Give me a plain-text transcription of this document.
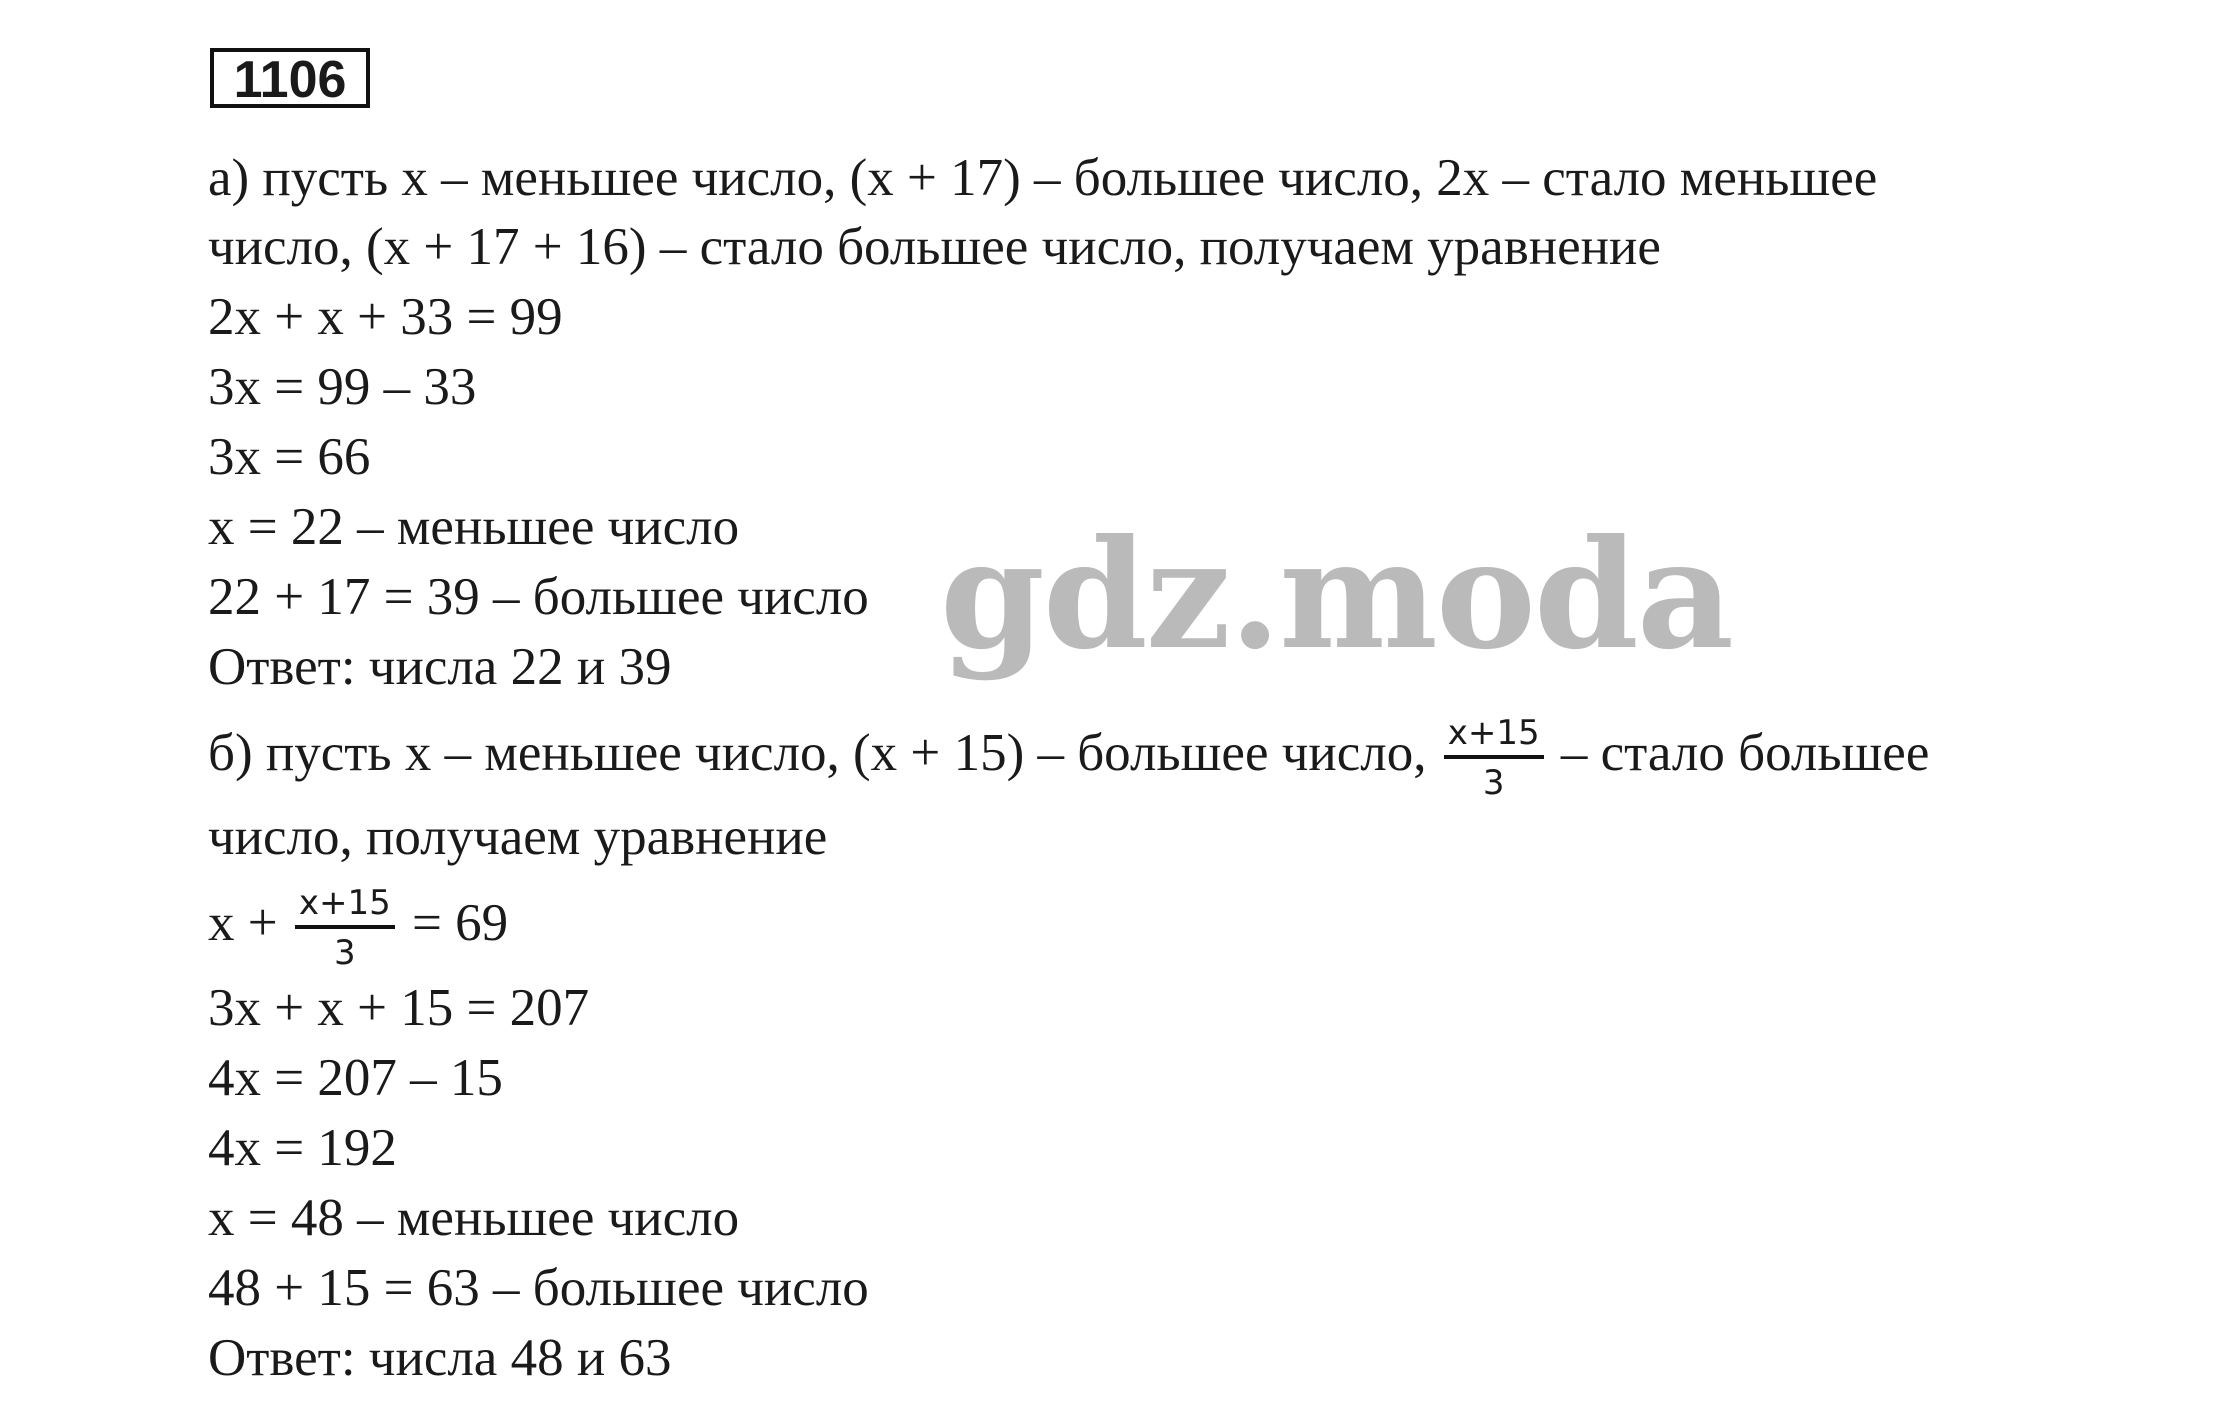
1106
а) пусть x – меньшее число, (x + 17) – большее число, 2x – стало меньшее
число, (x + 17 + 16) – стало большее число, получаем уравнение
2x + x + 33 = 99
3x = 99 – 33
3x = 66
x = 22 – меньшее число
22 + 17 = 39 – большее число
Ответ: числа 22 и 39
б) пусть x – меньшее число, (x + 15) – большее число, $\frac{x+15}{3}$ – стало большее
число, получаем уравнение
$x + \frac{x+15}{3} = 69$
3x + x + 15 = 207
4x = 207 – 15
4x = 192
x = 48 – меньшее число
48 + 15 = 63 – большее число
Ответ: числа 48 и 63
gdz.moda
